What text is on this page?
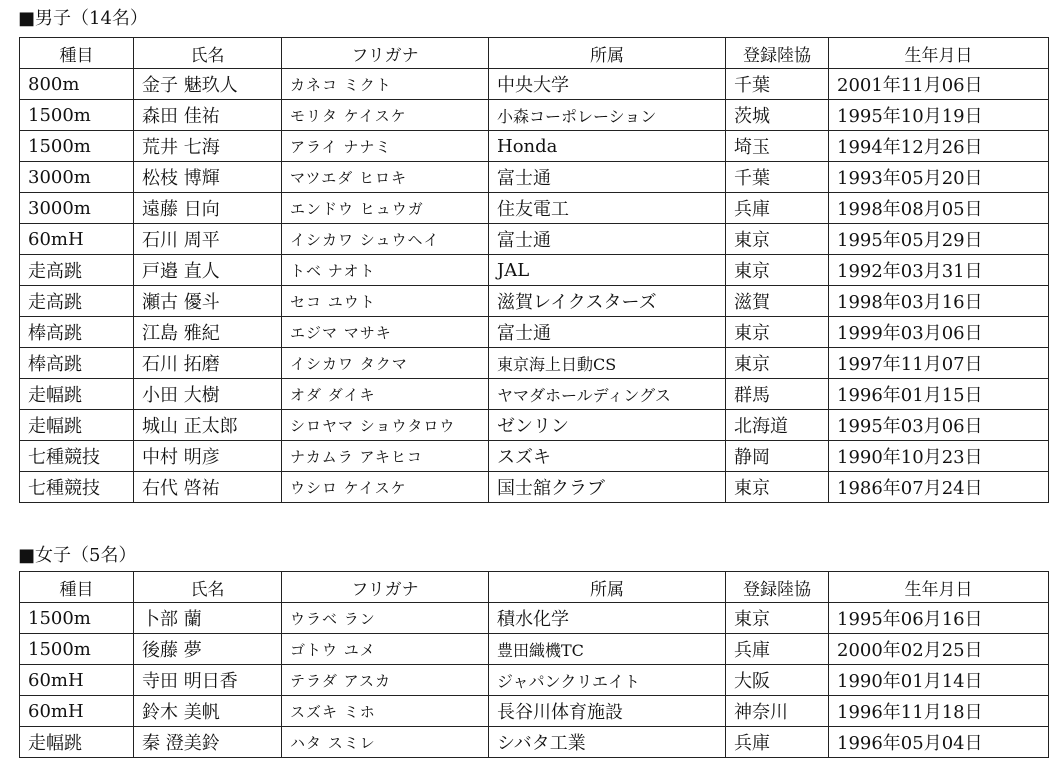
■男子（14名）
種目	氏名	フリガナ	所属	登録陸協	生年月日
800m	金子 魅玖人	カネコ ミクト	中央大学	千葉	2001年11月06日
1500m	森田 佳祐	モリタ ケイスケ	小森コーポレーション	茨城	1995年10月19日
1500m	荒井 七海	アライ ナナミ	Honda	埼玉	1994年12月26日
3000m	松枝 博輝	マツエダ ヒロキ	富士通	千葉	1993年05月20日
3000m	遠藤 日向	エンドウ ヒュウガ	住友電工	兵庫	1998年08月05日
60mH	石川 周平	イシカワ シュウヘイ	富士通	東京	1995年05月29日
走高跳	戸邉 直人	トベ ナオト	JAL	東京	1992年03月31日
走高跳	瀬古 優斗	セコ ユウト	滋賀レイクスターズ	滋賀	1998年03月16日
棒高跳	江島 雅紀	エジマ マサキ	富士通	東京	1999年03月06日
棒高跳	石川 拓磨	イシカワ タクマ	東京海上日動CS	東京	1997年11月07日
走幅跳	小田 大樹	オダ ダイキ	ヤマダホールディングス	群馬	1996年01月15日
走幅跳	城山 正太郎	シロヤマ ショウタロウ	ゼンリン	北海道	1995年03月06日
七種競技	中村 明彦	ナカムラ アキヒコ	スズキ	静岡	1990年10月23日
七種競技	右代 啓祐	ウシロ ケイスケ	国士舘クラブ	東京	1986年07月24日
■女子（5名）
種目	氏名	フリガナ	所属	登録陸協	生年月日
1500m	卜部 蘭	ウラベ ラン	積水化学	東京	1995年06月16日
1500m	後藤 夢	ゴトウ ユメ	豊田織機TC	兵庫	2000年02月25日
60mH	寺田 明日香	テラダ アスカ	ジャパンクリエイト	大阪	1990年01月14日
60mH	鈴木 美帆	スズキ ミホ	長谷川体育施設	神奈川	1996年11月18日
走幅跳	秦 澄美鈴	ハタ スミレ	シバタ工業	兵庫	1996年05月04日
